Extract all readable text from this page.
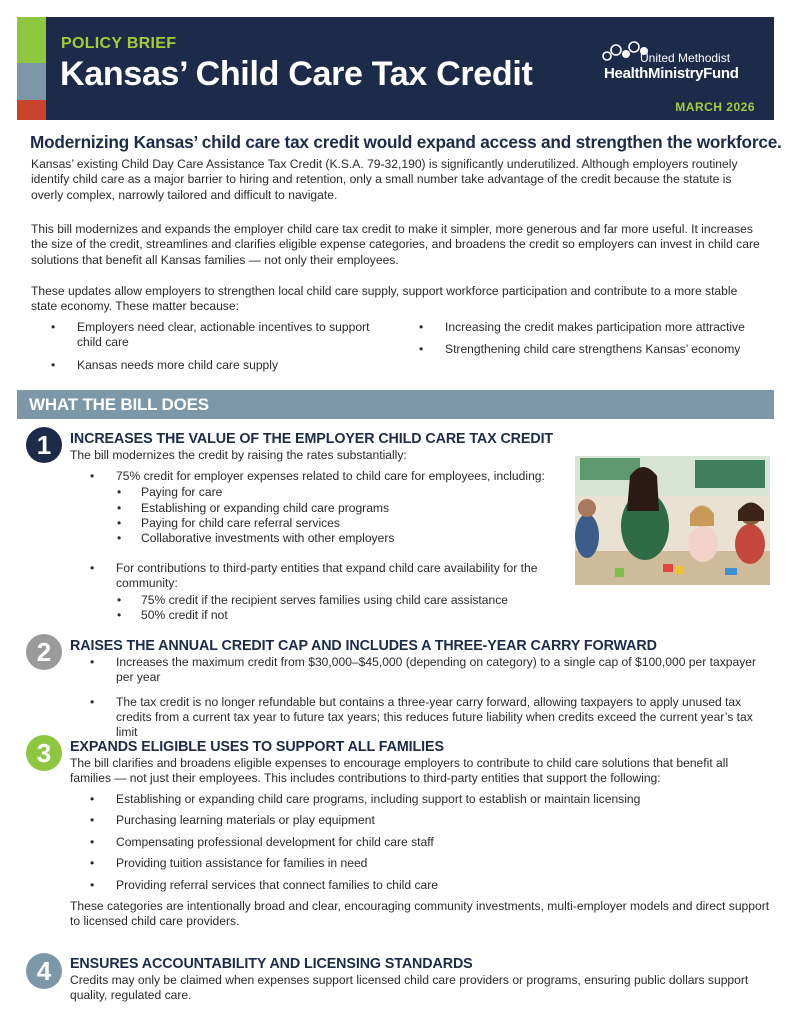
POLICY BRIEF
Kansas’ Child Care Tax Credit	United Methodist
HealthMinistryFund
MARCH 2026
Modernizing Kansas’ child care tax credit would expand access and strengthen the workforce.

Kansas’ existing Child Day Care Assistance Tax Credit (K.S.A. 79-32,190) is significantly underutilized. Although employers routinely identify child care as a major barrier to hiring and retention, only a small number take advantage of the credit because the statute is overly complex, narrowly tailored and difficult to navigate.

This bill modernizes and expands the employer child care tax credit to make it simpler, more generous and far more useful. It increases the size of the credit, streamlines and clarifies eligible expense categories, and broadens the credit so employers can invest in child care solutions that benefit all Kansas families — not only their employees.

These updates allow employers to strengthen local child care supply, support workforce participation and contribute to a more stable state economy. These matter because:

• Employers need clear, actionable incentives to support child care
• Kansas needs more child care supply
• Increasing the credit makes participation more attractive
• Strengthening child care strengthens Kansas’ economy
WHAT THE BILL DOES
1	INCREASES THE VALUE OF THE EMPLOYER CHILD CARE TAX CREDIT

The bill modernizes the credit by raising the rates substantially:

• 75% credit for employer expenses related to child care for employees, including:
• Paying for care
• Establishing or expanding child care programs
• Paying for child care referral services
• Collaborative investments with other employers
• For contributions to third-party entities that expand child care availability for the community:
• 75% credit if the recipient serves families using child care assistance
• 50% credit if not
2	RAISES THE ANNUAL CREDIT CAP AND INCLUDES A THREE-YEAR CARRY FORWARD
• Increases the maximum credit from $30,000–$45,000 (depending on category) to a single cap of $100,000 per taxpayer per year
• The tax credit is no longer refundable but contains a three-year carry forward, allowing taxpayers to apply unused tax credits from a current tax year to future tax years; this reduces future liability when credits exceed the current year’s tax limit
3	EXPANDS ELIGIBLE USES TO SUPPORT ALL FAMILIES

The bill clarifies and broadens eligible expenses to encourage employers to contribute to child care solutions that benefit all families — not just their employees. This includes contributions to third-party entities that support the following:

• Establishing or expanding child care programs, including support to establish or maintain licensing
• Purchasing learning materials or play equipment
• Compensating professional development for child care staff
• Providing tuition assistance for families in need
• Providing referral services that connect families to child care

These categories are intentionally broad and clear, encouraging community investments, multi-employer models and direct support to licensed child care providers.

4	ENSURES ACCOUNTABILITY AND LICENSING STANDARDS

Credits may only be claimed when expenses support licensed child care providers or programs, ensuring public dollars support quality, regulated care.
